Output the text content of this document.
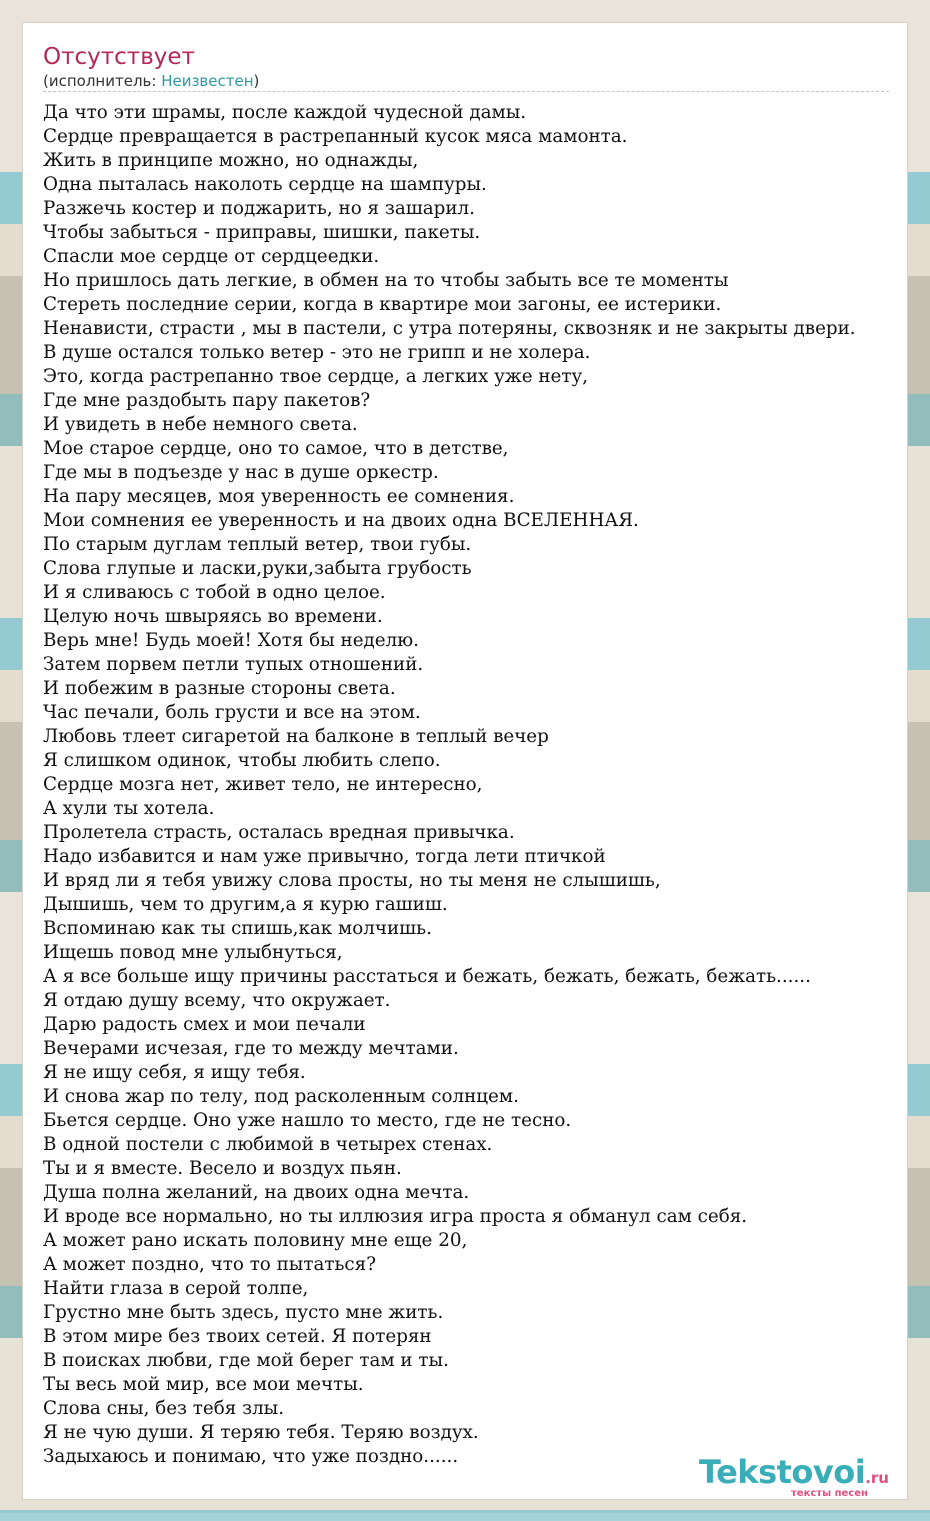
Отсутствует
(исполнитель: Неизвестен)
Да что эти шрамы, после каждой чудесной дамы.
Сердце превращается в растрепанный кусок мяса мамонта.
Жить в принципе можно, но однажды,
Одна пыталась наколоть сердце на шампуры.
Разжечь костер и поджарить, но я зашарил.
Чтобы забыться - приправы, шишки, пакеты.
Спасли мое сердце от сердцеедки.
Но пришлось дать легкие, в обмен на то чтобы забыть все те моменты
Стереть последние серии, когда в квартире мои загоны, ее истерики.
Ненависти, страсти , мы в пастели, с утра потеряны, сквозняк и не закрыты двери.
В душе остался только ветер - это не грипп и не холера.
Это, когда растрепанно твое сердце, а легких уже нету,
Где мне раздобыть пару пакетов?
И увидеть в небе немного света.
Мое старое сердце, оно то самое, что в детстве,
Где мы в подъезде у нас в душе оркестр.
На пару месяцев, моя уверенность ее сомнения.
Мои сомнения ее уверенность и на двоих одна ВСЕЛЕННАЯ.
По старым дуглам теплый ветер, твои губы.
Слова глупые и ласки,руки,забыта грубость
И я сливаюсь с тобой в одно целое.
Целую ночь швыряясь во времени.
Верь мне! Будь моей! Хотя бы неделю.
Затем порвем петли тупых отношений.
И побежим в разные стороны света.
Час печали, боль грусти и все на этом.
Любовь тлеет сигаретой на балконе в теплый вечер
Я слишком одинок, чтобы любить слепо.
Сердце мозга нет, живет тело, не интересно,
А хули ты хотела.
Пролетела страсть, осталась вредная привычка.
Надо избавится и нам уже привычно, тогда лети птичкой
И вряд ли я тебя увижу слова просты, но ты меня не слышишь,
Дышишь, чем то другим,а я курю гашиш.
Вспоминаю как ты спишь,как молчишь.
Ищешь повод мне улыбнуться,
А я все больше ищу причины расстаться и бежать, бежать, бежать, бежать......
Я отдаю душу всему, что окружает.
Дарю радость смех и мои печали
Вечерами исчезая, где то между мечтами.
Я не ищу себя, я ищу тебя.
И снова жар по телу, под расколенным солнцем.
Бьется сердце. Оно уже нашло то место, где не тесно.
В одной постели с любимой в четырех стенах.
Ты и я вместе. Весело и воздух пьян.
Душа полна желаний, на двоих одна мечта.
И вроде все нормально, но ты иллюзия игра проста я обманул сам себя.
А может рано искать половину мне еще 20,
А может поздно, что то пытаться?
Найти глаза в серой толпе,
Грустно мне быть здесь, пусто мне жить.
В этом мире без твоих сетей. Я потерян
В поисках любви, где мой берег там и ты.
Ты весь мой мир, все мои мечты.
Слова сны, без тебя злы.
Я не чую души. Я теряю тебя. Теряю воздух.
Задыхаюсь и понимаю, что уже поздно......	Tekstovoi.ru
тексты песен
